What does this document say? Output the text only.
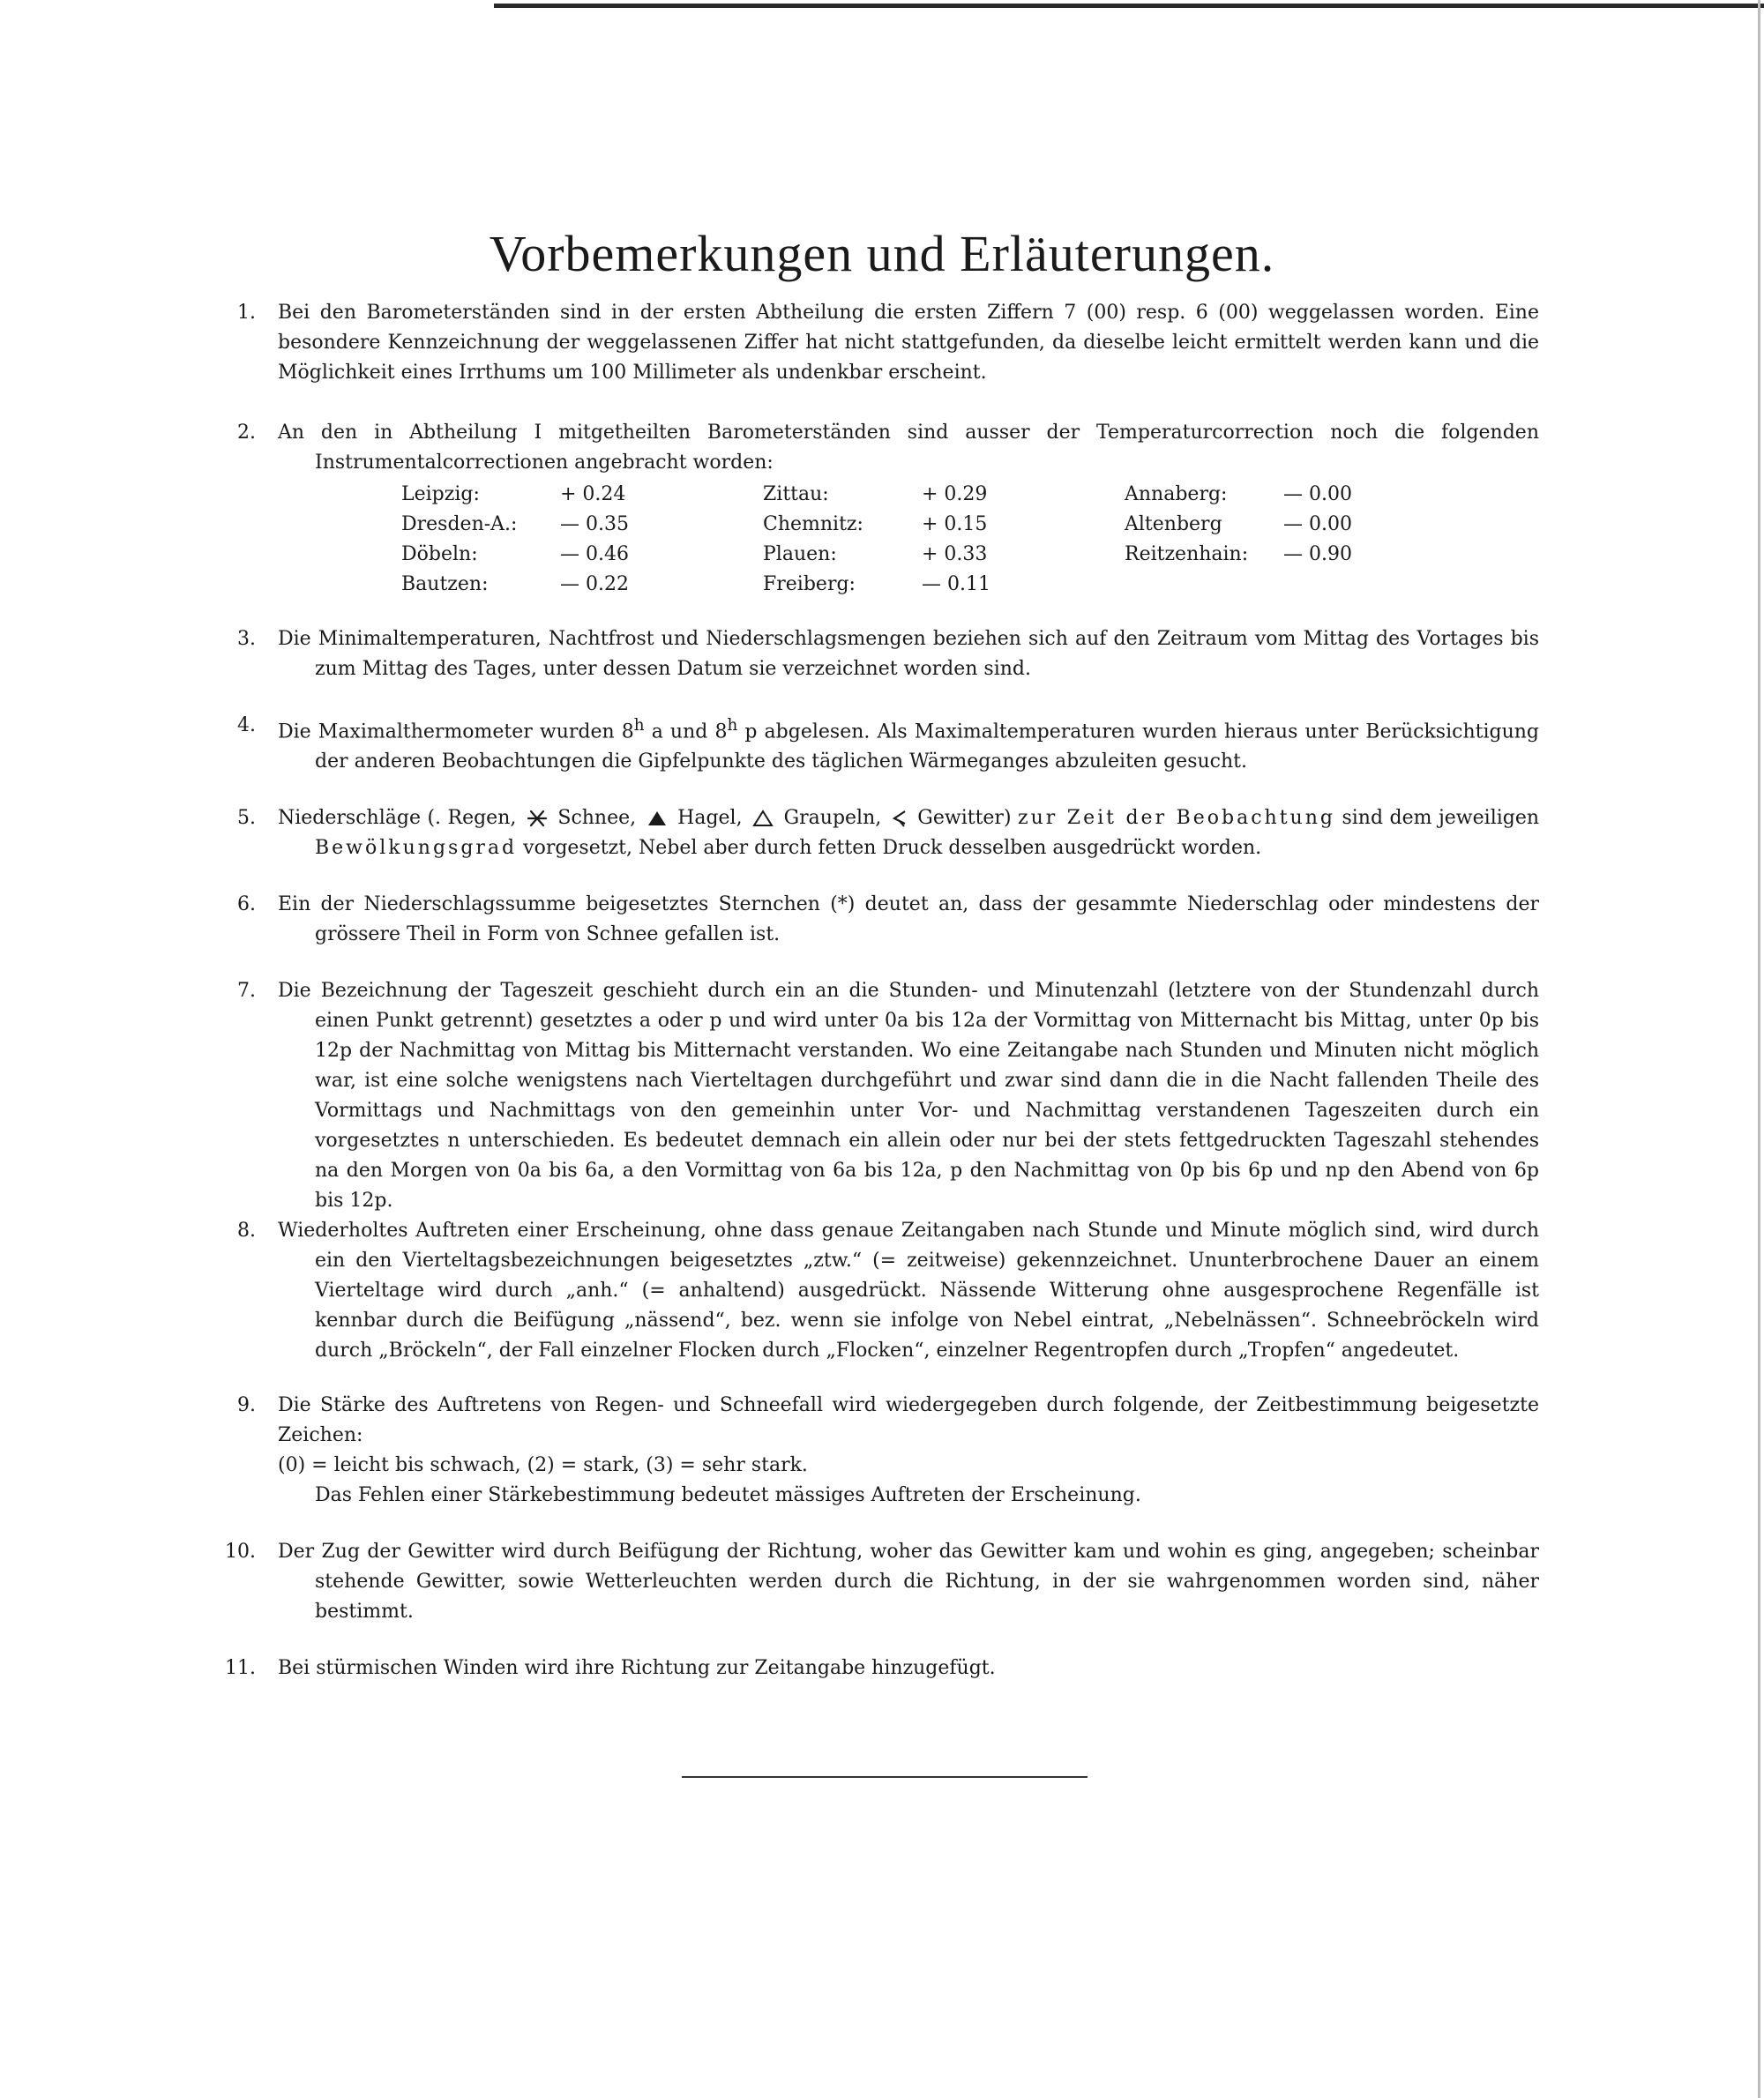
Vorbemerkungen und Erläuterungen.
1. Bei den Barometerständen sind in der ersten Abtheilung die ersten Ziffern 7 (00) resp. 6 (00) weggelassen worden. Eine besondere Kennzeichnung der weggelassenen Ziffer hat nicht stattgefunden, da dieselbe leicht ermittelt werden kann und die Möglichkeit eines Irrthums um 100 Millimeter als undenkbar erscheint.

2. An den in Abtheilung I mitgetheilten Barometerständen sind ausser der Temperaturcorrection noch die folgenden Instrumentalcorrectionen angebracht worden:

Leipzig:	+ 0.24	Zittau:	+ 0.29	Annaberg:	— 0.00
Dresden-A.:	— 0.35	Chemnitz:	+ 0.15	Altenberg	— 0.00
Döbeln:	— 0.46	Plauen:	+ 0.33	Reitzenhain:	— 0.90
Bautzen:	— 0.22	Freiberg:	— 0.11		
3. Die Minimaltemperaturen, Nachtfrost und Niederschlagsmengen beziehen sich auf den Zeitraum vom Mittag des Vortages bis zum Mittag des Tages, unter dessen Datum sie verzeichnet worden sind.

4. Die Maximalthermometer wurden 8$^h$ a und 8$^h$ p abgelesen. Als Maximaltemperaturen wurden hieraus unter Berücksichtigung der anderen Beobachtungen die Gipfelpunkte des täglichen Wärmeganges abzuleiten gesucht.

5. Niederschläge (. Regen, Schnee, Hagel, Graupeln, Gewitter) zur Zeit der Beobachtung sind dem jeweiligen Bewölkungsgrad vorgesetzt, Nebel aber durch fetten Druck desselben ausgedrückt worden.

6. Ein der Niederschlagssumme beigesetztes Sternchen (*) deutet an, dass der gesammte Niederschlag oder mindestens der grössere Theil in Form von Schnee gefallen ist.

7. Die Bezeichnung der Tageszeit geschieht durch ein an die Stunden- und Minutenzahl (letztere von der Stundenzahl durch einen Punkt getrennt) gesetztes a oder p und wird unter 0a bis 12a der Vormittag von Mitternacht bis Mittag, unter 0p bis 12p der Nachmittag von Mittag bis Mitternacht verstanden. Wo eine Zeitangabe nach Stunden und Minuten nicht möglich war, ist eine solche wenigstens nach Vierteltagen durchgeführt und zwar sind dann die in die Nacht fallenden Theile des Vormittags und Nachmittags von den gemeinhin unter Vor- und Nachmittag verstandenen Tageszeiten durch ein vorgesetztes n unterschieden. Es bedeutet demnach ein allein oder nur bei der stets fettgedruckten Tageszahl stehendes na den Morgen von 0a bis 6a, a den Vormittag von 6a bis 12a, p den Nachmittag von 0p bis 6p und np den Abend von 6p bis 12p.

8. Wiederholtes Auftreten einer Erscheinung, ohne dass genaue Zeitangaben nach Stunde und Minute möglich sind, wird durch ein den Vierteltagsbezeichnungen beigesetztes „ztw.“ (= zeitweise) gekennzeichnet. Ununterbrochene Dauer an einem Vierteltage wird durch „anh.“ (= anhaltend) ausgedrückt. Nässende Witterung ohne ausgesprochene Regenfälle ist kennbar durch die Beifügung „nässend“, bez. wenn sie infolge von Nebel eintrat, „Nebelnässen“. Schneebröckeln wird durch „Bröckeln“, der Fall einzelner Flocken durch „Flocken“, einzelner Regentropfen durch „Tropfen“ angedeutet.

9. Die Stärke des Auftretens von Regen- und Schneefall wird wiedergegeben durch folgende, der Zeitbestimmung beigesetzte Zeichen:

(0) = leicht bis schwach, (2) = stark, (3) = sehr stark.

Das Fehlen einer Stärkebestimmung bedeutet mässiges Auftreten der Erscheinung.

10. Der Zug der Gewitter wird durch Beifügung der Richtung, woher das Gewitter kam und wohin es ging, angegeben; scheinbar stehende Gewitter, sowie Wetterleuchten werden durch die Richtung, in der sie wahrgenommen worden sind, näher bestimmt.

11. Bei stürmischen Winden wird ihre Richtung zur Zeitangabe hinzugefügt.
